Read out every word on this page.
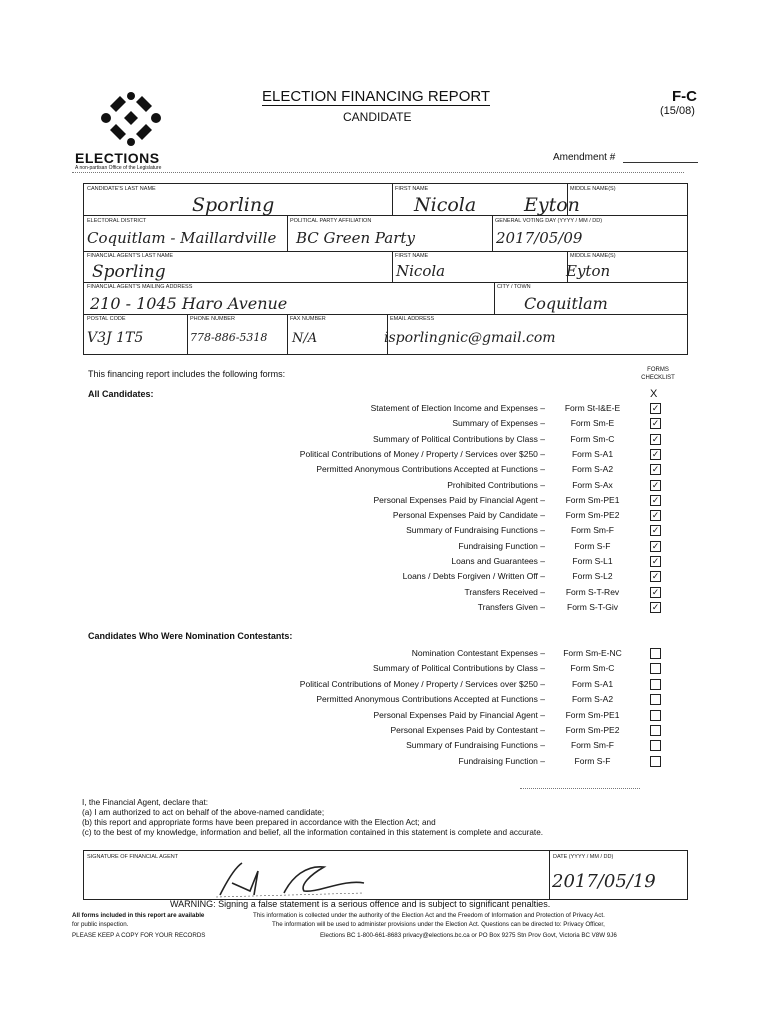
ELECTIONS
A non-partisan Office of the Legislature
ELECTION FINANCING REPORT
CANDIDATE
F-C
(15/08)
Amendment #
CANDIDATE'S LAST NAME
Sporling
FIRST NAME
Nicola
MIDDLE NAME(S)
Eyton
ELECTORAL DISTRICT
Coquitlam - Maillardville
POLITICAL PARTY AFFILIATION
BC Green Party
GENERAL VOTING DAY (YYYY / MM / DD)
2017/05/09
FINANCIAL AGENT'S LAST NAME
Sporling
FIRST NAME
Nicola
MIDDLE NAME(S)
Eyton
FINANCIAL AGENT'S MAILING ADDRESS
210 - 1045 Haro Avenue
CITY / TOWN
Coquitlam
POSTAL CODE
V3J 1T5
PHONE NUMBER
778-886-5318
FAX NUMBER
N/A
EMAIL ADDRESS
isporlingnic@gmail.com
This financing report includes the following forms:
All Candidates:
FORMS CHECKLIST
X
Statement of Election Income and Expenses –	Form St-I&E-E	✓
Summary of Expenses –	Form Sm-E	✓
Summary of Political Contributions by Class –	Form Sm-C	✓
Political Contributions of Money / Property / Services over $250 –	Form S-A1	✓
Permitted Anonymous Contributions Accepted at Functions –	Form S-A2	✓
Prohibited Contributions –	Form S-Ax	✓
Personal Expenses Paid by Financial Agent –	Form Sm-PE1	✓
Personal Expenses Paid by Candidate –	Form Sm-PE2	✓
Summary of Fundraising Functions –	Form Sm-F	✓
Fundraising Function –	Form S-F	✓
Loans and Guarantees –	Form S-L1	✓
Loans / Debts Forgiven / Written Off –	Form S-L2	✓
Transfers Received –	Form S-T-Rev	✓
Transfers Given –	Form S-T-Giv	✓
Candidates Who Were Nomination Contestants:
Nomination Contestant Expenses –	Form Sm-E-NC
Summary of Political Contributions by Class –	Form Sm-C
Political Contributions of Money / Property / Services over $250 –	Form S-A1
Permitted Anonymous Contributions Accepted at Functions –	Form S-A2
Personal Expenses Paid by Financial Agent –	Form Sm-PE1
Personal Expenses Paid by Contestant –	Form Sm-PE2
Summary of Fundraising Functions –	Form Sm-F
Fundraising Function –	Form S-F
I, the Financial Agent, declare that:
(a) I am authorized to act on behalf of the above-named candidate;
(b) this report and appropriate forms have been prepared in accordance with the Election Act; and
(c) to the best of my knowledge, information and belief, all the information contained in this statement is complete and accurate.
SIGNATURE OF FINANCIAL AGENT	DATE (YYYY / MM / DD)
2017/05/19
WARNING: Signing a false statement is a serious offence and is subject to significant penalties.
All forms included in this report are available
for public inspection.
PLEASE KEEP A COPY FOR YOUR RECORDS
This information is collected under the authority of the Election Act and the Freedom of Information and Protection of Privacy Act.
The information will be used to administer provisions under the Election Act. Questions can be directed to: Privacy Officer,
Elections BC 1-800-661-8683 privacy@elections.bc.ca or PO Box 9275 Stn Prov Govt, Victoria BC V8W 9J6
